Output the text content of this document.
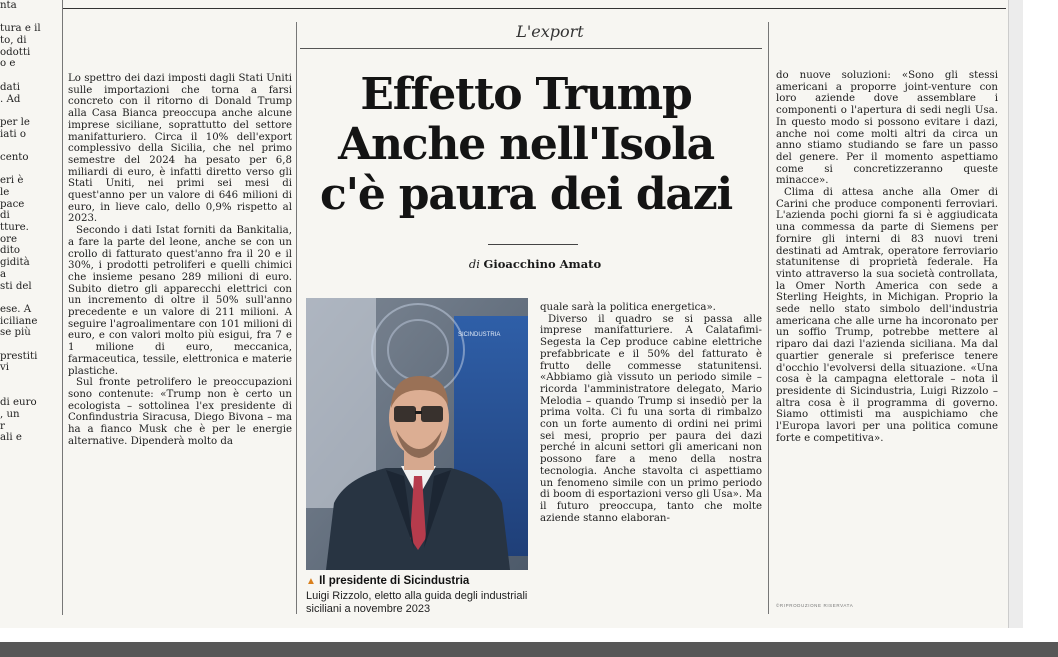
nta
tura e il
to, di
odotti
o e
dati
. Ad
per le
iati o
cento
eri è
le
pace
di
tture.
ore
dito
gidità
a
sti del
ese. A
iciliane
se più
prestiti
vi
di euro
, un
r
ali e
L'export
Effetto Trump
Anche nell'Isola
c'è paura dei dazi
di Gioacchino Amato

Lo spettro dei dazi imposti dagli Stati Uniti sulle importazioni che torna a farsi concreto con il ritorno di Donald Trump alla Casa Bianca preoccupa anche alcune imprese siciliane, soprattutto del settore manifatturiero. Circa il 10% dell'export complessivo della Sicilia, che nel primo semestre del 2024 ha pesato per 6,8 miliardi di euro, è infatti diretto verso gli Stati Uniti, nei primi sei mesi di quest'anno per un valore di 646 milioni di euro, in lieve calo, dello 0,9% rispetto al 2023.

Secondo i dati Istat forniti da Bankitalia, a fare la parte del leone, anche se con un crollo di fatturato quest'anno fra il 20 e il 30%, i prodotti petroliferi e quelli chimici che insieme pesano 289 milioni di euro. Subito dietro gli apparecchi elettrici con un incremento di oltre il 50% sull'anno precedente e un valore di 211 milioni. A seguire l'agroalimentare con 101 milioni di euro, e con valori molto più esigui, fra 7 e 1 milione di euro, meccanica, farmaceutica, tessile, elettronica e materie plastiche.

Sul fronte petrolifero le preoccupazioni sono contenute: «Trump non è certo un ecologista – sottolinea l'ex presidente di Confindustria Siracusa, Diego Bivona – ma ha a fianco Musk che è per le energie alternative. Dipenderà molto da

quale sarà la politica energetica».

Diverso il quadro se si passa alle imprese manifatturiere. A Calatafimi-Segesta la Cep produce cabine elettriche prefabbricate e il 50% del fatturato è frutto delle commesse statunitensi. «Abbiamo già vissuto un periodo simile – ricorda l'amministratore delegato, Mario Melodia – quando Trump si insediò per la prima volta. Ci fu una sorta di rimbalzo con un forte aumento di ordini nei primi sei mesi, proprio per paura dei dazi perché in alcuni settori gli americani non possono fare a meno della nostra tecnologia. Anche stavolta ci aspettiamo un fenomeno simile con un primo periodo di boom di esportazioni verso gli Usa». Ma il futuro preoccupa, tanto che molte aziende stanno elaboran-

do nuove soluzioni: «Sono gli stessi americani a proporre joint-venture con loro aziende dove assemblare i componenti o l'apertura di sedi negli Usa. In questo modo si possono evitare i dazi, anche noi come molti altri da circa un anno stiamo studiando se fare un passo del genere. Per il momento aspettiamo come si concretizzeranno queste minacce».

Clima di attesa anche alla Omer di Carini che produce componenti ferroviari. L'azienda pochi giorni fa si è aggiudicata una commessa da parte di Siemens per fornire gli interni di 83 nuovi treni destinati ad Amtrak, operatore ferroviario statunitense di proprietà federale. Ha vinto attraverso la sua società controllata, la Omer North America con sede a Sterling Heights, in Michigan. Proprio la sede nello stato simbolo dell'industria americana che alle urne ha incoronato per un soffio Trump, potrebbe mettere al riparo dai dazi l'azienda siciliana. Ma dal quartier generale si preferisce tenere d'occhio l'evolversi della situazione. «Una cosa è la campagna elettorale – nota il presidente di Sicindustria, Luigi Rizzolo – altra cosa è il programma di governo. Siamo ottimisti ma auspichiamo che l'Europa lavori per una politica comune forte e competitiva».

SICINDUSTRIA
▲ Il presidente di Sicindustria
Luigi Rizzolo, eletto alla guida degli industriali siciliani a novembre 2023	©RIPRODUZIONE RISERVATA
